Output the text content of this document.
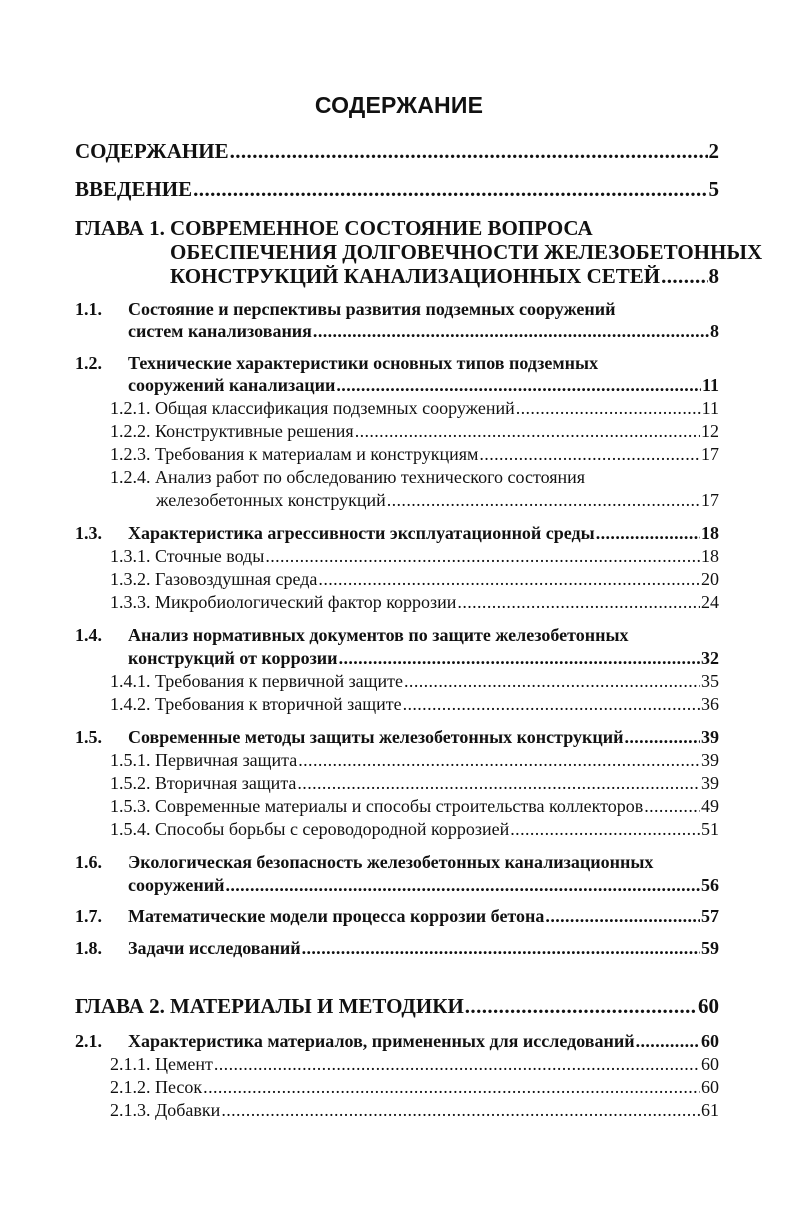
СОДЕРЖАНИЕ
СОДЕРЖАНИЕ .....	2
ВВЕДЕНИЕ .....	5
ГЛАВА 1. СОВРЕМЕННОЕ СОСТОЯНИЕ ВОПРОСА
ОБЕСПЕЧЕНИЯ ДОЛГОВЕЧНОСТИ ЖЕЛЕЗОБЕТОННЫХ
КОНСТРУКЦИЙ КАНАЛИЗАЦИОННЫХ СЕТЕЙ ..... 8
1.1. Состояние и перспективы развития подземных сооружений
систем канализования .....	8
1.2. Технические характеристики основных типов подземных
сооружений канализации .....	11
1.2.1. Общая классификация подземных сооружений .....	11
1.2.2. Конструктивные решения .....	12
1.2.3. Требования к материалам и конструкциям .....	17
1.2.4. Анализ работ по обследованию технического состояния
железобетонных конструкций .....	17
1.3. Характеристика агрессивности эксплуатационной среды .....	18
1.3.1. Сточные воды .....	18
1.3.2. Газовоздушная среда .....	20
1.3.3. Микробиологический фактор коррозии .....	24
1.4. Анализ нормативных документов по защите железобетонных
конструкций от коррозии .....	32
1.4.1. Требования к первичной защите .....	35
1.4.2. Требования к вторичной защите .....	36
1.5. Современные методы защиты железобетонных конструкций .....	39
1.5.1. Первичная защита .....	39
1.5.2. Вторичная защита .....	39
1.5.3. Современные материалы и способы строительства коллекторов .....	49
1.5.4. Способы борьбы с сероводородной коррозией .....	51
1.6. Экологическая безопасность железобетонных канализационных
сооружений .....	56
1.7. Математические модели процесса коррозии бетона .....	57
1.8. Задачи исследований .....	59
ГЛАВА 2. МАТЕРИАЛЫ И МЕТОДИКИ .....	60
2.1. Характеристика материалов, примененных для исследований .....	60
2.1.1. Цемент .....	60
2.1.2. Песок .....	60
2.1.3. Добавки .....	61
